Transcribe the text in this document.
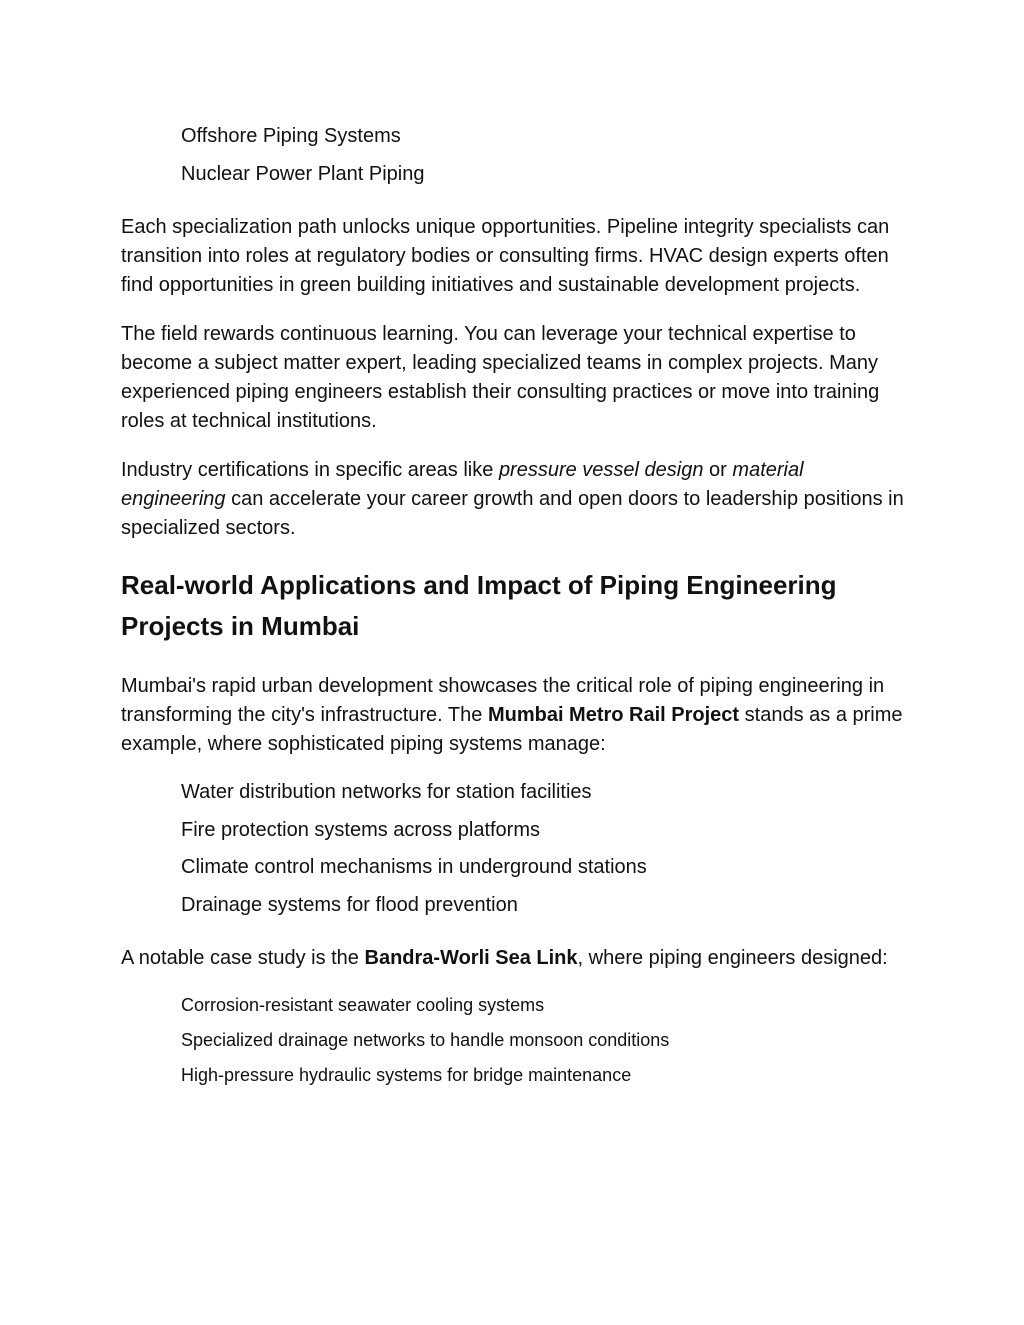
Offshore Piping Systems
Nuclear Power Plant Piping

Each specialization path unlocks unique opportunities. Pipeline integrity specialists can transition into roles at regulatory bodies or consulting firms. HVAC design experts often find opportunities in green building initiatives and sustainable development projects.

The field rewards continuous learning. You can leverage your technical expertise to become a subject matter expert, leading specialized teams in complex projects. Many experienced piping engineers establish their consulting practices or move into training roles at technical institutions.

Industry certifications in specific areas like pressure vessel design or material engineering can accelerate your career growth and open doors to leadership positions in specialized sectors.

Real-world Applications and Impact of Piping Engineering Projects in Mumbai

Mumbai's rapid urban development showcases the critical role of piping engineering in transforming the city's infrastructure. The Mumbai Metro Rail Project stands as a prime example, where sophisticated piping systems manage:

Water distribution networks for station facilities
Fire protection systems across platforms
Climate control mechanisms in underground stations
Drainage systems for flood prevention

A notable case study is the Bandra-Worli Sea Link, where piping engineers designed:

Corrosion-resistant seawater cooling systems
Specialized drainage networks to handle monsoon conditions
High-pressure hydraulic systems for bridge maintenance
